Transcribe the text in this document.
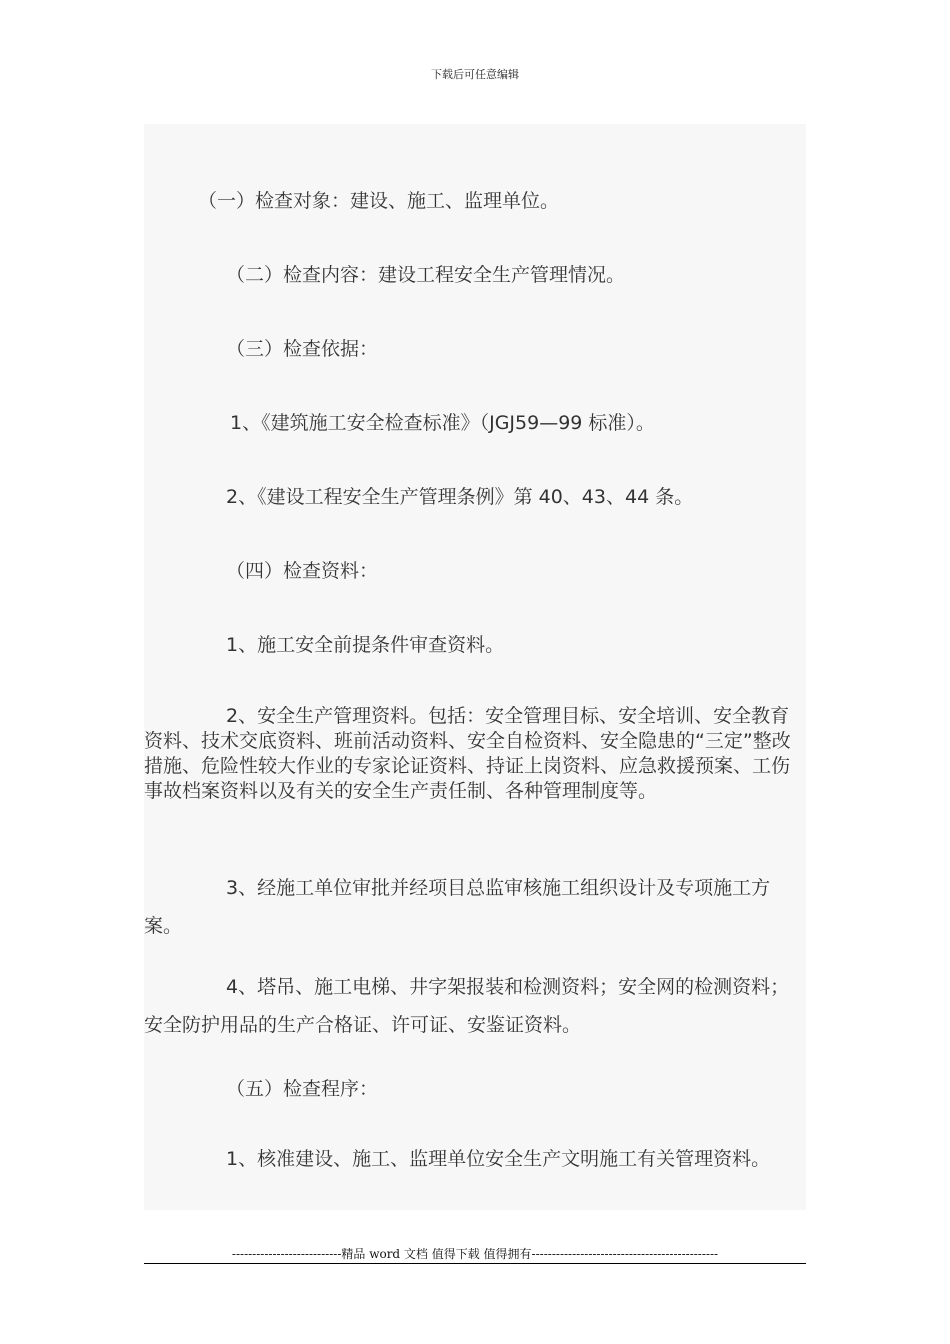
下载后可任意编辑
（一）检查对象：建设、施工、监理单位。
（二）检查内容：建设工程安全生产管理情况。
（三）检查依据：
1、《建筑施工安全检查标准》（JGJ59—99 标准）。
2、《建设工程安全生产管理条例》第 40、43、44 条。
（四）检查资料：
1、施工安全前提条件审查资料。
2、安全生产管理资料。包括：安全管理目标、安全培训、安全教育资料、技术交底资料、班前活动资料、安全自检资料、安全隐患的“三定”整改措施、危险性较大作业的专家论证资料、持证上岗资料、应急救援预案、工伤事故档案资料以及有关的安全生产责任制、各种管理制度等。
3、经施工单位审批并经项目总监审核施工组织设计及专项施工方案。
4、塔吊、施工电梯、井字架报装和检测资料；安全网的检测资料；安全防护用品的生产合格证、许可证、安鉴证资料。
（五）检查程序：
1、核准建设、施工、监理单位安全生产文明施工有关管理资料。
---------------------------精品 word 文档 值得下载 值得拥有----------------------------------------------
